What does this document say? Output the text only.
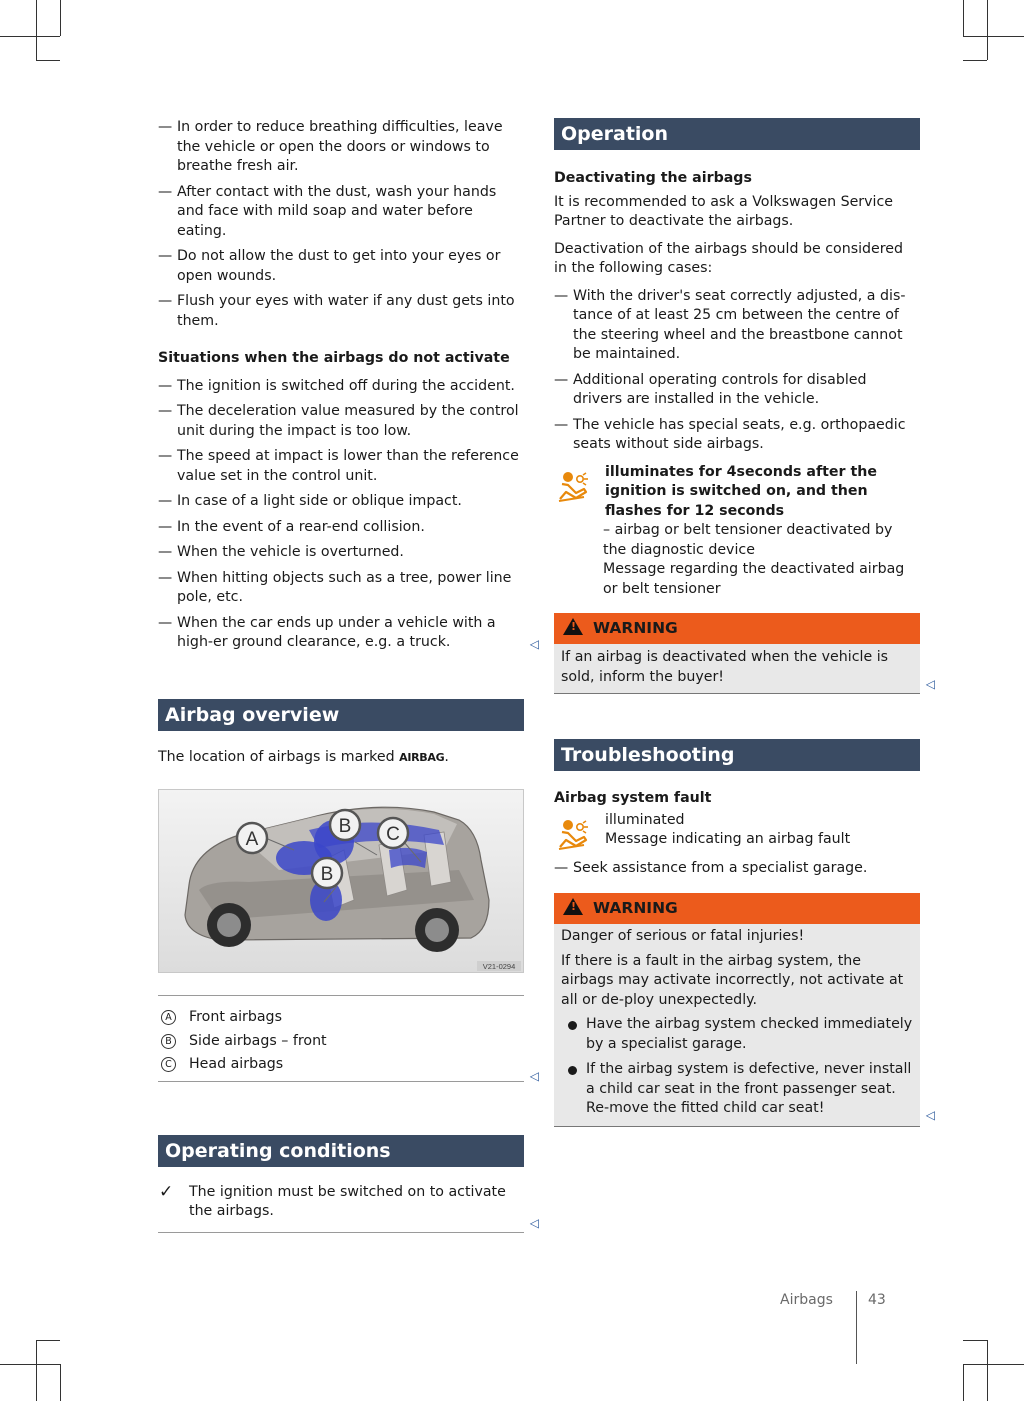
— In order to reduce breathing difficulties, leave the vehicle or open the doors or windows to breathe fresh air.
— After contact with the dust, wash your hands and face with mild soap and water before eating.
— Do not allow the dust to get into your eyes or open wounds.
— Flush your eyes with water if any dust gets into them.
Situations when the airbags do not activate
— The ignition is switched off during the accident.
— The deceleration value measured by the control unit during the impact is too low.
— The speed at impact is lower than the reference value set in the control unit.
— In case of a light side or oblique impact.
— In the event of a rear-end collision.
— When the vehicle is overturned.
— When hitting objects such as a tree, power line pole, etc.
— When the car ends up under a vehicle with a high-er ground clearance, e.g. a truck.	◁
Airbag overview

The location of airbags is marked AIRBAG.

A
B C
B
V21-0294
A Front airbags
B Side airbags – front
C Head airbags
◁
Operating conditions
✓ The ignition must be switched on to activate the airbags.
◁
Operation
Deactivating the airbags

It is recommended to ask a Volkswagen Service Partner to deactivate the airbags.

Deactivation of the airbags should be considered in the following cases:

— With the driver's seat correctly adjusted, a dis-tance of at least 25 cm between the centre of the steering wheel and the breastbone cannot be maintained.
— Additional operating controls for disabled drivers are installed in the vehicle.
— The vehicle has special seats, e.g. orthopaedic seats without side airbags.
illuminates for 4seconds after the ignition is switched on, and then flashes for 12 seconds
– airbag or belt tensioner deactivated by the diagnostic device
Message regarding the deactivated airbag or belt tensioner
!WARNING

If an airbag is deactivated when the vehicle is sold, inform the buyer!	◁
Troubleshooting
Airbag system fault
illuminated
Message indicating an airbag fault
— Seek assistance from a specialist garage.
!WARNING

Danger of serious or fatal injuries!

If there is a fault in the airbag system, the airbags may activate incorrectly, not activate at all or de-ploy unexpectedly.

Have the airbag system checked immediately by a specialist garage.
If the airbag system is defective, never install a child car seat in the front passenger seat. Re-move the fitted child car seat!	◁
Airbags	43
